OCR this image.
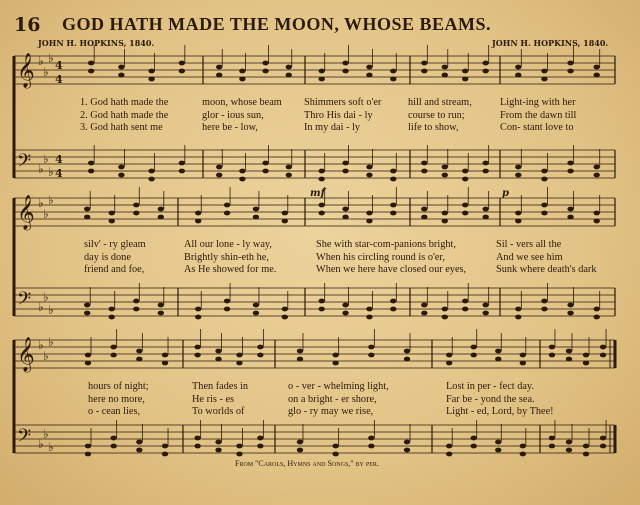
16 GOD HATH MADE THE MOON, WHOSE BEAMS.
JOHN H. HOPKINS, 1840.	JOHN H. HOPKINS, 1840.
𝄞 ♭
♭
♭
4
4
𝄢 ♭
♭
♭
4
4
𝄞 ♭
♭
♭
𝄢 ♭
♭
♭
𝄞 ♭
♭
♭
𝄢 ♭
♭
♭
mf	p
1. God hath made the	moon, whose beam	Shimmers soft o'er	hill and stream,	Light-ing with her
2. God hath made the	glor - ious sun,	Thro His dai - ly	course to run;	From the dawn till
3. God hath sent me	here be - low,	In my dai - ly	life to show,	Con- stant love to
silv' - ry gleam	All our lone - ly way,	She with star-com-panions bright,	Sil - vers all the
day is done	Brightly shin-eth he,	When his circling round is o'er,	And we see him
friend and foe,	As He showed for me.	When we here have closed our eyes,	Sunk where death's dark
hours of night;	Then fades in	o - ver - whelming light,	Lost in per - fect day.
here no more,	He ris - es	on a bright - er shore,	Far be - yond the sea.
o - cean lies,	To worlds of	glo - ry may we rise,	Light - ed, Lord, by Thee!
From "Carols, Hymns and Songs," by per.
